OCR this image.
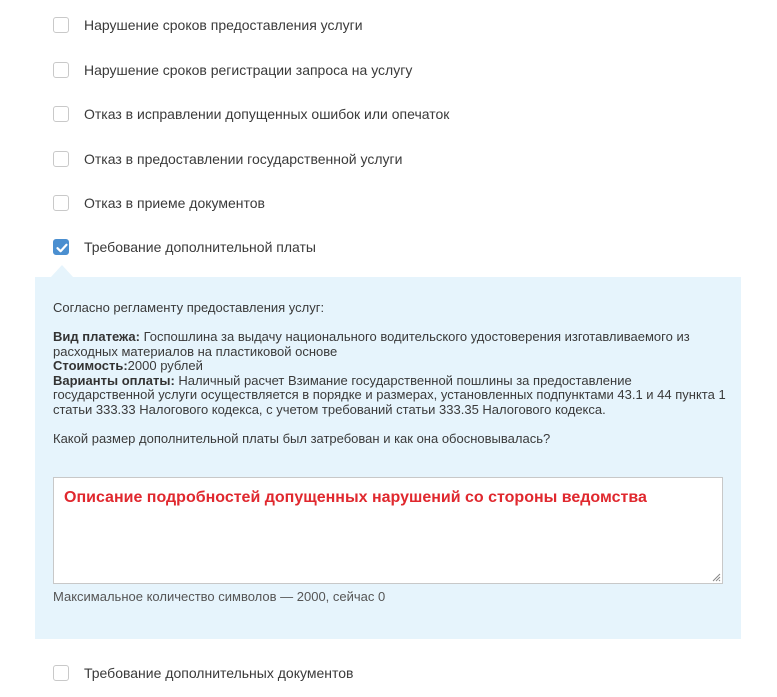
Нарушение сроков предоставления услуги
Нарушение сроков регистрации запроса на услугу
Отказ в исправлении допущенных ошибок или опечаток
Отказ в предоставлении государственной услуги
Отказ в приеме документов
Требование дополнительной платы
Согласно регламенту предоставления услуг:
Вид платежа: Госпошлина за выдачу национального водительского удостоверения изготавливаемого из расходных материалов на пластиковой основе
Стоимость:2000 рублей
Варианты оплаты: Наличный расчет Взимание государственной пошлины за предоставление государственной услуги осуществляется в порядке и размерах, установленных подпунктами 43.1 и 44 пункта 1 статьи 333.33 Налогового кодекса, с учетом требований статьи 333.35 Налогового кодекса.
Какой размер дополнительной платы был затребован и как она обосновывалась?
Описание подробностей допущенных нарушений со стороны ведомства
Максимальное количество символов — 2000, сейчас 0
Требование дополнительных документов
